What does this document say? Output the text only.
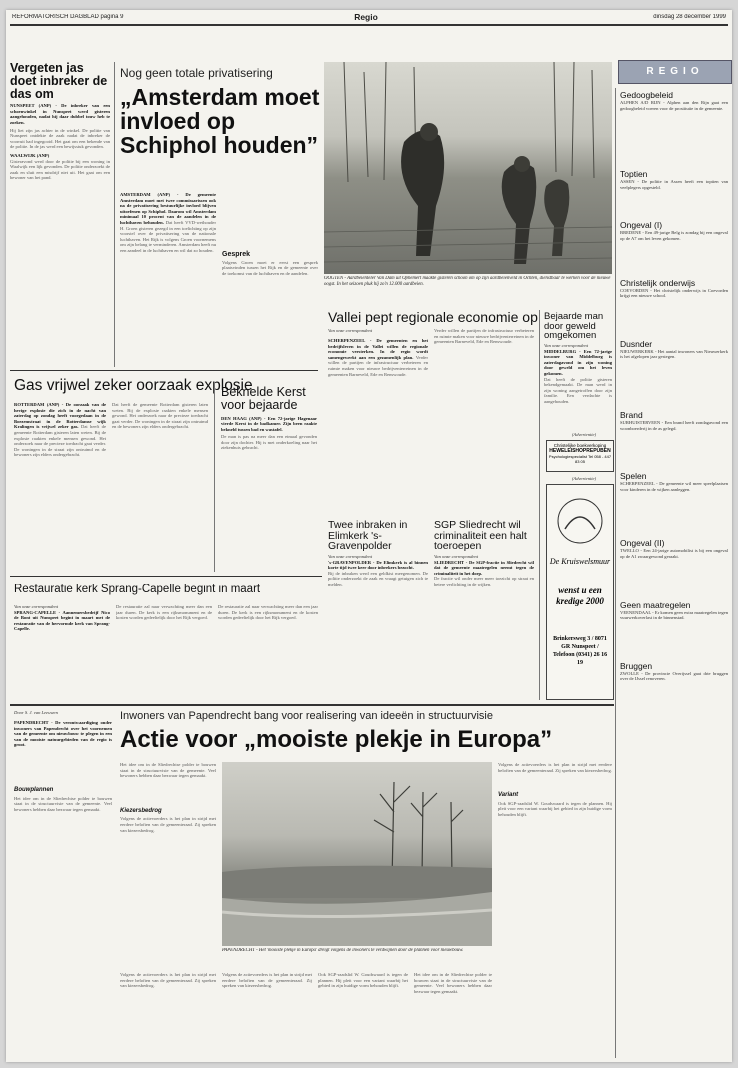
REFORMATORISCH DAGBLAD pagina 9	Regio	dinsdag 28 december 1999
REGIO
Vergeten jas doet inbreker de das om
NUNSPEET (ANP) - De inbreker van een schoenwinkel in Nunspeet werd gisteren aangehouden, nadat hij daar dubbel touw heb te zoeken.
Hij liet zijn jas achter in de winkel. De politie van Nunspeet ontdekte de zaak nadat de inbreker de voorruit had ingegooid. Het gaat om een bekende van de politie. In de jas werd een bewijsstuk gevonden.
WAALWIJK (ANP)
Gisteravond werd door de politie bij een woning in Waalwijk een lijk gevonden. De politie onderzoekt de zaak en sluit een misdrijf niet uit. Het gaat om een bewoner van het pand.
Nog geen totale privatisering
„Amsterdam moet invloed op Schiphol houden”
AMSTERDAM (ANP) - De gemeente Amsterdam moet met twee commissarissen ook na de privatisering bestuurlijke invloed blijven uitoefenen op Schiphol. Daarom wil Amsterdam minimaal 10 procent van de aandelen in de luchthaven behouden. Dat heeft VVD-wethouder H. Groen gisteren gezegd in een toelichting op zijn voorstel over de privatisering van de nationale luchthaven. Het Rijk is volgens Groen voornemens om zijn belang te verminderen. Amsterdam heeft nu een aandeel in de luchthaven en wil dat zo houden.
Gesprek
Volgens Groen moet er eerst een gesprek plaatsvinden tussen het Rijk en de gemeente over de toekomst van de luchthaven en de aandelen.
OOGTEN - Aardbeienteler Van Dam uit Ophemert maakte gisteren schoon om op zijn aardbeienveld in Ochten, dienstbaar te werken voor de nieuwe oogst. In het seizoen pluk hij zo'n 12.000 aardbeien.
Gas vrijwel zeker oorzaak explosie
ROTTERDAM (ANP) - De oorzaak van de hevige explosie die zich in de nacht van zaterdag op zondag heeft voorgedaan in de Boezemstraat in de Rotterdamse wijk Kralingen is vrijwel zeker gas. Dat heeft de gemeente Rotterdam gisteren laten weten. Bij de explosie raakten enkele mensen gewond. Het onderzoek naar de precieze toedracht gaat verder. De woningen in de straat zijn ontruimd en de bewoners zijn elders ondergebracht.
Dat heeft de gemeente Rotterdam gisteren laten weten. Bij de explosie raakten enkele mensen gewond. Het onderzoek naar de precieze toedracht gaat verder. De woningen in de straat zijn ontruimd en de bewoners zijn elders ondergebracht.
Beknelde Kerst voor bejaarde
DEN HAAG (ANP) - Een 72-jarige Hagenaar vierde Kerst in de badkamer. Zijn been raakte bekneld tussen bad en wastafel.
De man is pas na meer dan een etmaal gevonden door zijn dochter. Hij is met onderkoeling naar het ziekenhuis gebracht.
Vallei pept regionale economie op
Van onze correspondent
SCHERPENZEEL - De gemeenten en het bedrijfsleven in de Vallei willen de regionale economie versterken. In de regio wordt samengewerkt aan een gezamenlijk plan. Verder willen de partijen de infrastructuur verbeteren en ruimte maken voor nieuwe bedrijventerreinen in de gemeenten Barneveld, Ede en Renswoude.
Verder willen de partijen de infrastructuur verbeteren en ruimte maken voor nieuwe bedrijventerreinen in de gemeenten Barneveld, Ede en Renswoude.
Bejaarde man door geweld omgekomen
Van onze correspondent
MIDDELBURG - Een 72-jarige inwoner van Middelburg is zaterdagavond in zijn woning door geweld om het leven gekomen.
Dat heeft de politie gisteren bekendgemaakt. De man werd in zijn woning aangetroffen door zijn familie. Een verdachte is aangehouden.
(Advertentie)
Christelijke boekverkoping
HEWELEISHOPREPUBEN
Psychologiespecialist Tel 058 - 447 83 05
(Advertentie)
De Kruiswelsmuur
wenst u een kredige 2000
Brinkersweg 3 / 8071 GR Nunspeet / Telefoon (0341) 26 16 19
Twee inbraken in Elimkerk 's-Gravenpolder
Van onze correspondent
's-GRAVENPOLDER - De Elimkerk is al binnen korte tijd twee keer door inbrekers bezocht.
Bij de inbraken werd een geldkist meegenomen. De politie onderzoekt de zaak en vraagt getuigen zich te melden.
SGP Sliedrecht wil criminaliteit een halt toeroepen
Van onze correspondent
SLIEDRECHT - De SGP-fractie in Sliedrecht wil dat de gemeente maatregelen neemt tegen de criminaliteit in het dorp.
De fractie wil onder meer meer toezicht op straat en betere verlichting in de wijken.
Restauratie kerk Sprang-Capelle begint in maart
Van onze correspondent
SPRANG-CAPELLE - Aannemersbedrijf Nico de Bont uit Nunspeet begint in maart met de restauratie van de hervormde kerk van Sprang-Capelle.
De restauratie zal naar verwachting meer dan een jaar duren. De kerk is een rijksmonument en de kosten worden gedeeltelijk door het Rijk vergoed.
De restauratie zal naar verwachting meer dan een jaar duren. De kerk is een rijksmonument en de kosten worden gedeeltelijk door het Rijk vergoed.
Door S. J. van Leeuwen	Inwoners van Papendrecht bang voor realisering van ideeën in structuurvisie
Actie voor „mooiste plekje in Europa”
PAPENDRECHT - De verontwaardiging onder inwoners van Papendrecht over het voornemen van de gemeente om nieuwbouw te plegen in een van de mooiste natuurgebieden van de regio is groot.
Bouwplannen
Het idee om in de Sliedrechtse polder te bouwen staat in de structuurvisie van de gemeente. Veel bewoners hebben daar bezwaar tegen gemaakt.
Het idee om in de Sliedrechtse polder te bouwen staat in de structuurvisie van de gemeente. Veel bewoners hebben daar bezwaar tegen gemaakt.
Kiezersbedrog
Volgens de actievoerders is het plan in strijd met eerdere beloften van de gemeenteraad. Zij spreken van kiezersbedrog.
PAPENDRECHT - Het 'mooiste plekje in Europa' dreigt volgens de inwoners te verdwijnen door de plannen voor nieuwbouw.
Volgens de actievoerders is het plan in strijd met eerdere beloften van de gemeenteraad. Zij spreken van kiezersbedrog.
Volgens de actievoerders is het plan in strijd met eerdere beloften van de gemeenteraad. Zij spreken van kiezersbedrog.
Ook SGP-raadslid W. Goudswaard is tegen de plannen. Hij pleit voor een variant waarbij het gebied in zijn huidige vorm behouden blijft.
Het idee om in de Sliedrechtse polder te bouwen staat in de structuurvisie van de gemeente. Veel bewoners hebben daar bezwaar tegen gemaakt.
Volgens de actievoerders is het plan in strijd met eerdere beloften van de gemeenteraad. Zij spreken van kiezersbedrog.
Variant
Ook SGP-raadslid W. Goudswaard is tegen de plannen. Hij pleit voor een variant waarbij het gebied in zijn huidige vorm behouden blijft.
Gedoogbeleid
ALPHEN A/D RIJN - Alphen aan den Rijn gaat een gedoogbeleid voeren voor de prostitutie in de gemeente.
Toptien
ASSEN - De politie in Assen heeft een toptien van veelplegers opgesteld.
Ongeval (I)
BREDENE - Een 49-jarige Belg is zondag bij een ongeval op de A7 om het leven gekomen.
Christelijk onderwijs
COEVORDEN - Het christelijk onderwijs in Coevorden krijgt een nieuwe school.
Dusnder
NIEUWERKERK - Het aantal inwoners van Nieuwerkerk is het afgelopen jaar gestegen.
Brand
SURHUISTERVEEN - Een brand heeft zondagavond een woonboerderij in de as gelegd.
Spelen
SCHERPENZEEL - De gemeente wil meer speelplaatsen voor kinderen in de wijken aanleggen.
Ongeval (II)
TWELLO - Een 24-jarige automobilist is bij een ongeval op de A1 zwaargewond geraakt.
Geen maatregelen
VEENENDAAL - Er komen geen extra maatregelen tegen vuurwerkoverlast in de binnenstad.
Bruggen
ZWOLLE - De provincie Overijssel gaat drie bruggen over de IJssel renoveren.
